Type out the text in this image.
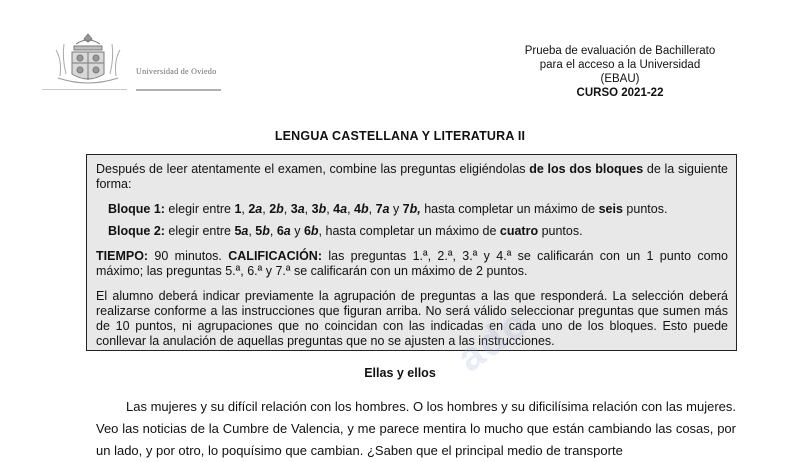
Universidad de Oviedo
Prueba de evaluación de Bachillerato
para el acceso a la Universidad
(EBAU)
CURSO 2021-22
LENGUA CASTELLANA Y LITERATURA II

Después de leer atentamente el examen, combine las preguntas eligiéndolas de los dos bloques de la siguiente forma:

Bloque 1: elegir entre 1, 2a, 2b, 3a, 3b, 4a, 4b, 7a y 7b, hasta completar un máximo de seis puntos.

Bloque 2: elegir entre 5a, 5b, 6a y 6b, hasta completar un máximo de cuatro puntos.

TIEMPO: 90 minutos. CALIFICACIÓN: las preguntas 1.ª, 2.ª, 3.ª y 4.ª se calificarán con un 1 punto como máximo; las preguntas 5.ª, 6.ª y 7.ª se calificarán con un máximo de 2 puntos.

El alumno deberá indicar previamente la agrupación de preguntas a las que responderá. La selección deberá realizarse conforme a las instrucciones que figuran arriba. No será válido seleccionar preguntas que sumen más de 10 puntos, ni agrupaciones que no coincidan con las indicadas en cada uno de los bloques. Esto puede conllevar la anulación de aquellas preguntas que no se ajusten a las instrucciones.

Ellas y ellos

Las mujeres y su difícil relación con los hombres. O los hombres y su dificilísima relación con las mujeres. Veo las noticias de la Cumbre de Valencia, y me parece mentira lo mucho que están cambiando las cosas, por un lado, y por otro, lo poquísimo que cambian. ¿Saben que el principal medio de transporte

ado
